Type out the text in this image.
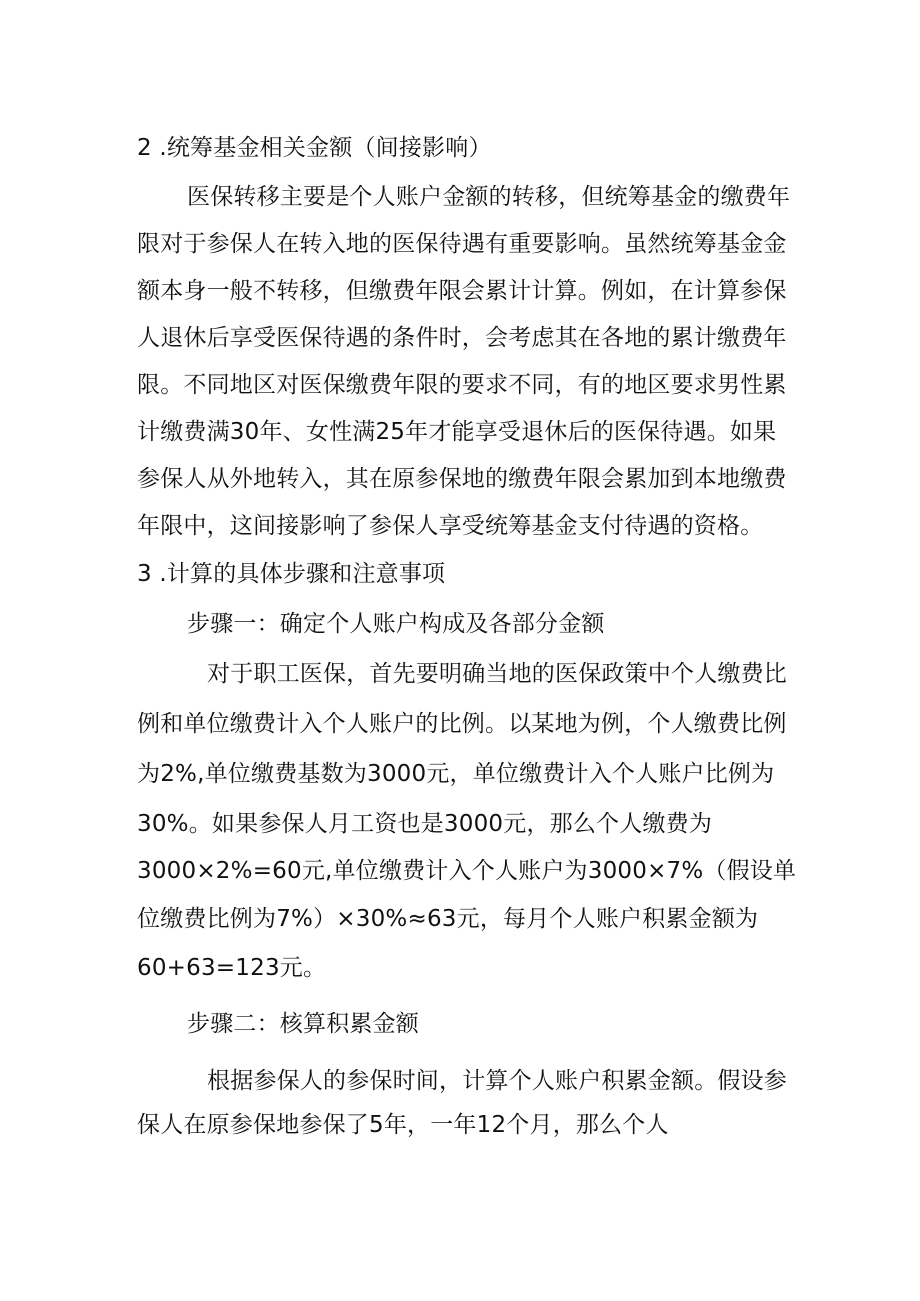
2 .统筹基金相关金额（间接影响）
医保转移主要是个人账户金额的转移，但统筹基金的缴费年
限对于参保人在转入地的医保待遇有重要影响。虽然统筹基金金
额本身一般不转移，但缴费年限会累计计算。例如，在计算参保
人退休后享受医保待遇的条件时，会考虑其在各地的累计缴费年
限。不同地区对医保缴费年限的要求不同，有的地区要求男性累
计缴费满30年、女性满25年才能享受退休后的医保待遇。如果
参保人从外地转入，其在原参保地的缴费年限会累加到本地缴费
年限中，这间接影响了参保人享受统筹基金支付待遇的资格。
3 .计算的具体步骤和注意事项
步骤一：确定个人账户构成及各部分金额
对于职工医保，首先要明确当地的医保政策中个人缴费比
例和单位缴费计入个人账户的比例。以某地为例，个人缴费比例
为2%,单位缴费基数为3000元，单位缴费计入个人账户比例为
30%。如果参保人月工资也是3000元，那么个人缴费为
3000×2%=60元,单位缴费计入个人账户为3000×7%（假设单
位缴费比例为7%）×30%≈63元，每月个人账户积累金额为
60+63=123元。
步骤二：核算积累金额
根据参保人的参保时间，计算个人账户积累金额。假设参
保人在原参保地参保了5年，一年12个月，那么个人
